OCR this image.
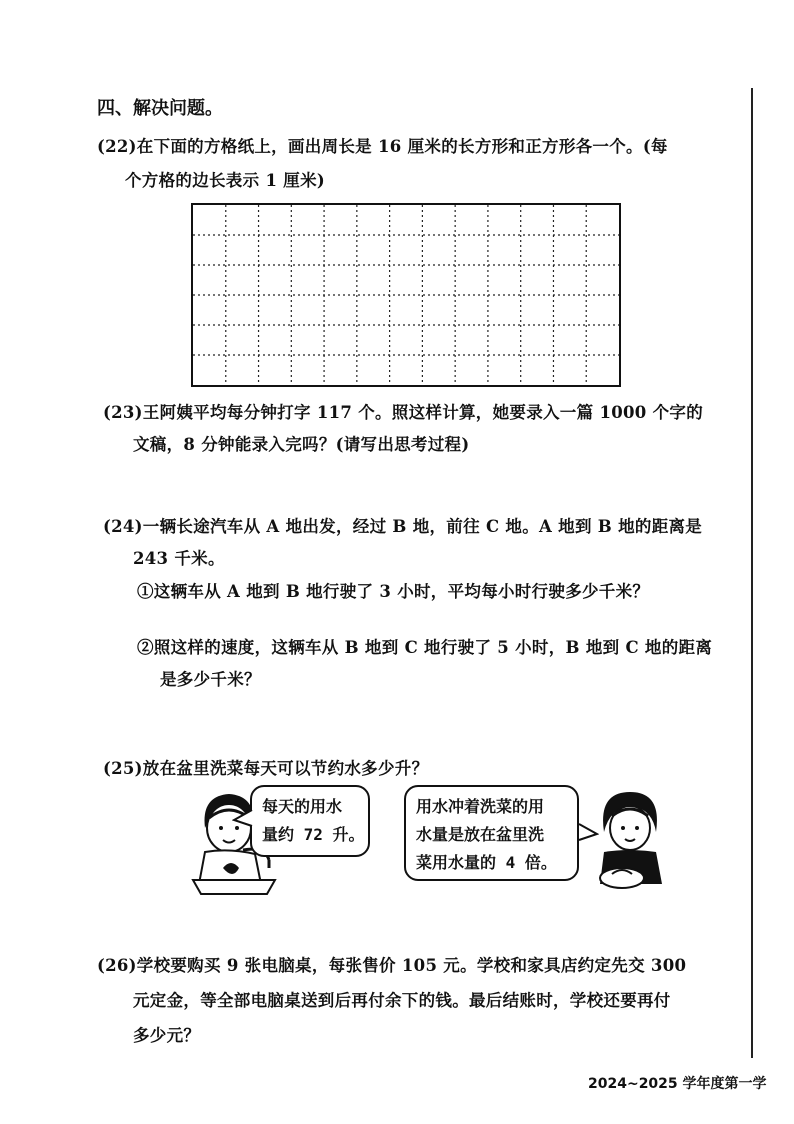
四、解决问题。
(22)在下面的方格纸上，画出周长是 16 厘米的长方形和正方形各一个。(每
个方格的边长表示 1 厘米)
(23)王阿姨平均每分钟打字 117 个。照这样计算，她要录入一篇 1000 个字的
文稿，8 分钟能录入完吗？(请写出思考过程)
(24)一辆长途汽车从 A 地出发，经过 B 地，前往 C 地。A 地到 B 地的距离是
243 千米。
①这辆车从 A 地到 B 地行驶了 3 小时，平均每小时行驶多少千米？
②照这样的速度，这辆车从 B 地到 C 地行驶了 5 小时，B 地到 C 地的距离
是多少千米？
(25)放在盆里洗菜每天可以节约水多少升？
每天的用水
量约 72 升。
用水冲着洗菜的用
水量是放在盆里洗
菜用水量的 4 倍。
(26)学校要购买 9 张电脑桌，每张售价 105 元。学校和家具店约定先交 300
元定金，等全部电脑桌送到后再付余下的钱。最后结账时，学校还要再付
多少元？
2024~2025 学年度第一学
